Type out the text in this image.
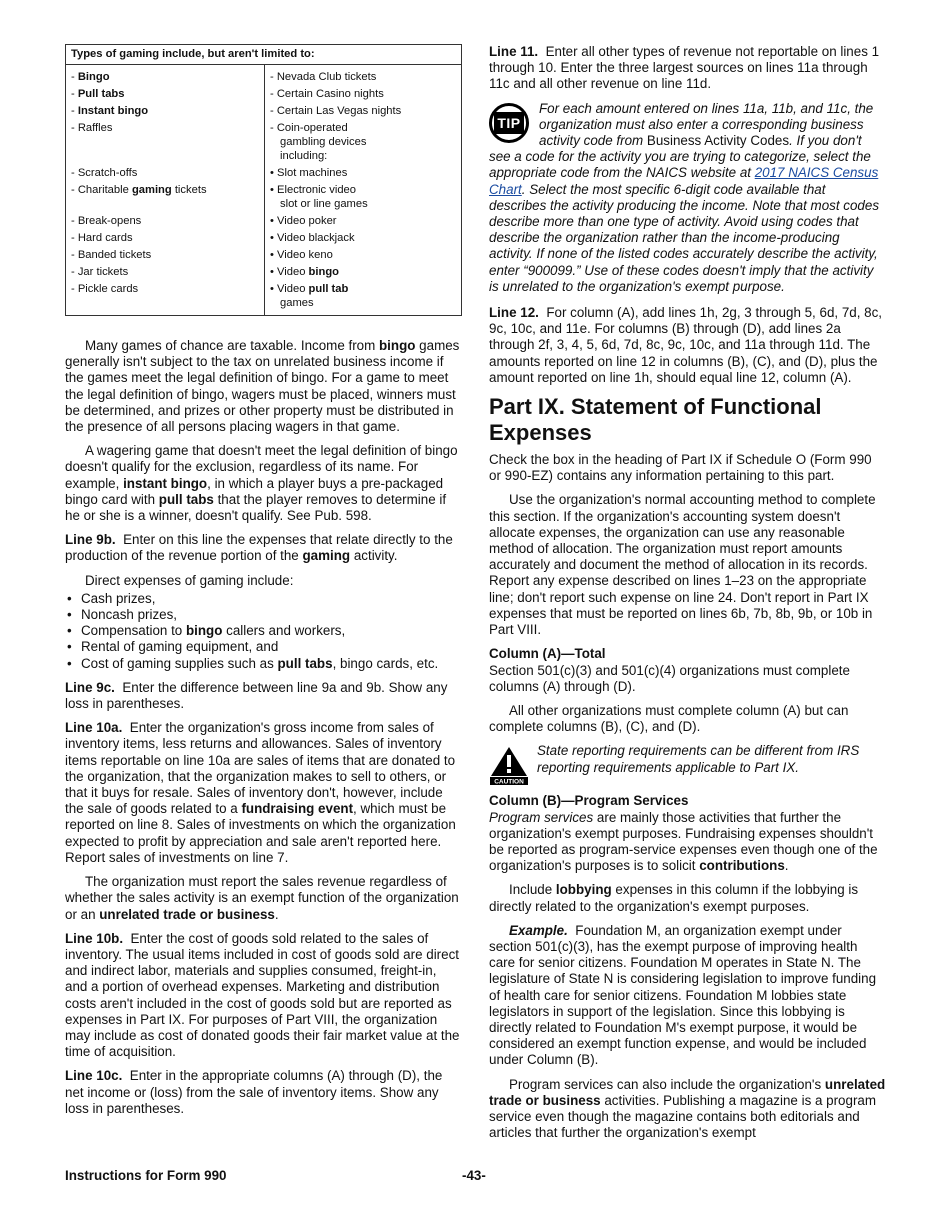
Types of gaming include, but aren't limited to:	
- Bingo	- Nevada Club tickets
- Pull tabs	- Certain Casino nights
- Instant bingo	- Certain Las Vegas nights
- Raffles	- Coin-operated
gambling devices
including:
- Scratch-offs	• Slot machines
- Charitable gaming tickets	• Electronic video
slot or line games
- Break-opens	• Video poker
- Hard cards	• Video blackjack
- Banded tickets	• Video keno
- Jar tickets	• Video bingo
- Pickle cards	• Video pull tab
games

Many games of chance are taxable. Income from bingo games generally isn't subject to the tax on unrelated business income if the games meet the legal definition of bingo. For a game to meet the legal definition of bingo, wagers must be placed, winners must be determined, and prizes or other property must be distributed in the presence of all persons placing wagers in that game.

A wagering game that doesn't meet the legal definition of bingo doesn't qualify for the exclusion, regardless of its name. For example, instant bingo, in which a player buys a pre-packaged bingo card with pull tabs that the player removes to determine if he or she is a winner, doesn't qualify. See Pub. 598.

Line 9b. Enter on this line the expenses that relate directly to the production of the revenue portion of the gaming activity.

Direct expenses of gaming include:

• Cash prizes,
• Noncash prizes,
• Compensation to bingo callers and workers,
• Rental of gaming equipment, and
• Cost of gaming supplies such as pull tabs, bingo cards, etc.

Line 9c. Enter the difference between line 9a and 9b. Show any loss in parentheses.

Line 10a. Enter the organization's gross income from sales of inventory items, less returns and allowances. Sales of inventory items reportable on line 10a are sales of items that are donated to the organization, that the organization makes to sell to others, or that it buys for resale. Sales of inventory don't, however, include the sale of goods related to a fundraising event, which must be reported on line 8. Sales of investments on which the organization expected to profit by appreciation and sale aren't reported here. Report sales of investments on line 7.

The organization must report the sales revenue regardless of whether the sales activity is an exempt function of the organization or an unrelated trade or business.

Line 10b. Enter the cost of goods sold related to the sales of inventory. The usual items included in cost of goods sold are direct and indirect labor, materials and supplies consumed, freight-in, and a portion of overhead expenses. Marketing and distribution costs aren't included in the cost of goods sold but are reported as expenses in Part IX. For purposes of Part VIII, the organization may include as cost of donated goods their fair market value at the time of acquisition.

Line 10c. Enter in the appropriate columns (A) through (D), the net income or (loss) from the sale of inventory items. Show any loss in parentheses.

Line 11. Enter all other types of revenue not reportable on lines 1 through 10. Enter the three largest sources on lines 11a through 11c and all other revenue on line 11d.

TIP

For each amount entered on lines 11a, 11b, and 11c, the organization must also enter a corresponding business activity code from Business Activity Codes. If you don't see a code for the activity you are trying to categorize, select the appropriate code from the NAICS website at 2017 NAICS Census Chart. Select the most specific 6-digit code available that describes the activity producing the income. Note that most codes describe more than one type of activity. Avoid using codes that describe the organization rather than the income-producing activity. If none of the listed codes accurately describe the activity, enter “900099.” Use of these codes doesn't imply that the activity is unrelated to the organization's exempt purpose.

Line 12. For column (A), add lines 1h, 2g, 3 through 5, 6d, 7d, 8c, 9c, 10c, and 11e. For columns (B) through (D), add lines 2a through 2f, 3, 4, 5, 6d, 7d, 8c, 9c, 10c, and 11a through 11d. The amounts reported on line 12 in columns (B), (C), and (D), plus the amount reported on line 1h, should equal line 12, column (A).

Part IX. Statement of Functional Expenses

Check the box in the heading of Part IX if Schedule O (Form 990 or 990-EZ) contains any information pertaining to this part.

Use the organization's normal accounting method to complete this section. If the organization's accounting system doesn't allocate expenses, the organization can use any reasonable method of allocation. The organization must report amounts accurately and document the method of allocation in its records. Report any expense described on lines 1–23 on the appropriate line; don't report such expense on line 24. Don't report in Part IX expenses that must be reported on lines 6b, 7b, 8b, 9b, or 10b in Part VIII.

Column (A)—Total

Section 501(c)(3) and 501(c)(4) organizations must complete columns (A) through (D).

All other organizations must complete column (A) but can complete columns (B), (C), and (D).

CAUTION
State reporting requirements can be different from IRS reporting requirements applicable to Part IX.
Column (B)—Program Services

Program services are mainly those activities that further the organization's exempt purposes. Fundraising expenses shouldn't be reported as program-service expenses even though one of the organization's purposes is to solicit contributions.

Include lobbying expenses in this column if the lobbying is directly related to the organization's exempt purposes.

Example. Foundation M, an organization exempt under section 501(c)(3), has the exempt purpose of improving health care for senior citizens. Foundation M operates in State N. The legislature of State N is considering legislation to improve funding of health care for senior citizens. Foundation M lobbies state legislators in support of the legislation. Since this lobbying is directly related to Foundation M's exempt purpose, it would be considered an exempt function expense, and would be included under Column (B).

Program services can also include the organization's unrelated trade or business activities. Publishing a magazine is a program service even though the magazine contains both editorials and articles that further the organization's exempt

Instructions for Form 990	-43-
